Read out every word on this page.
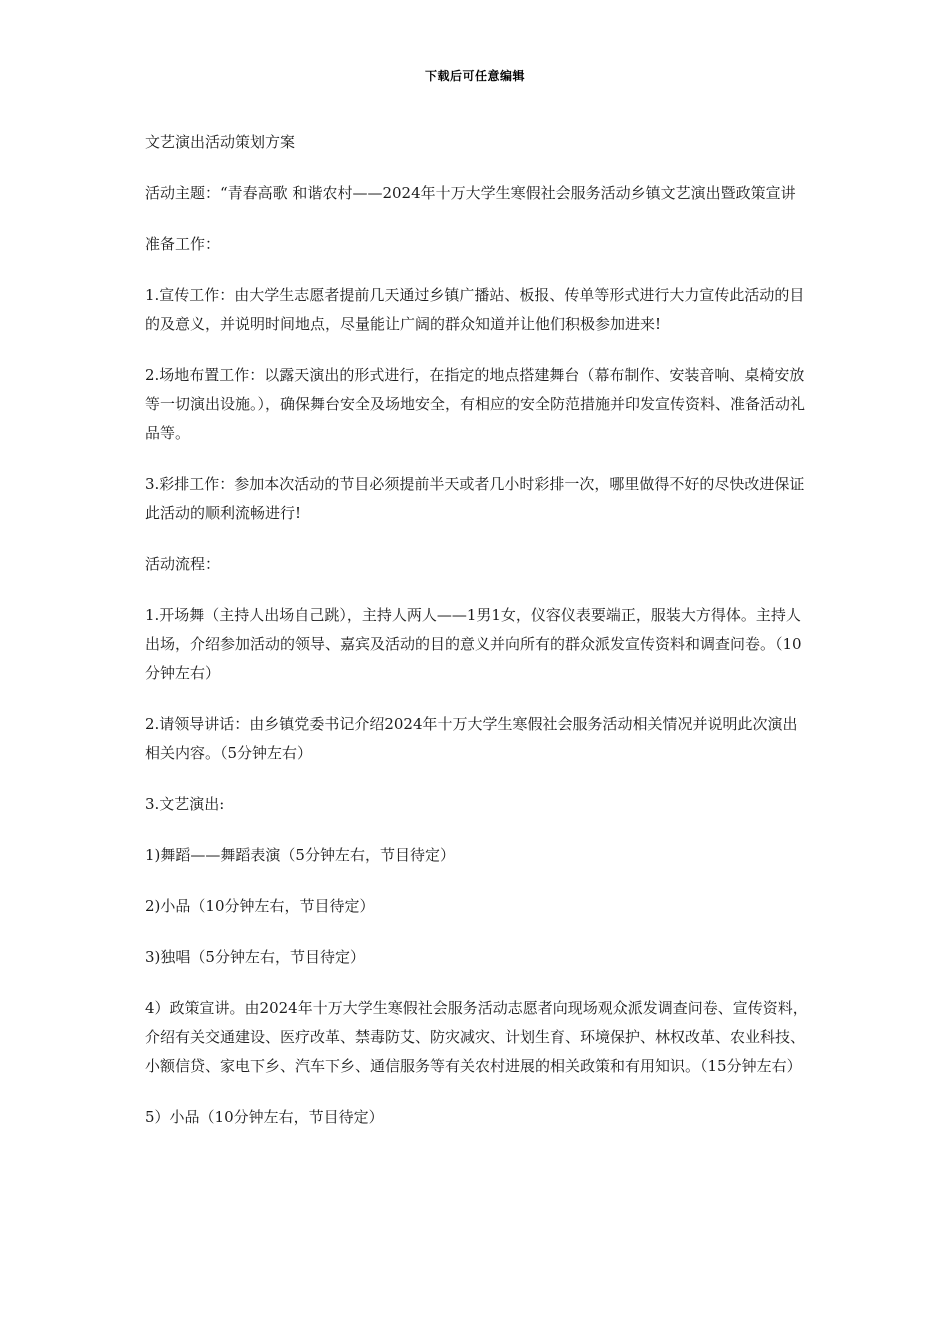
下载后可任意编辑

文艺演出活动策划方案

活动主题：“青春高歌 和谐农村——2024年十万大学生寒假社会服务活动乡镇文艺演出暨政策宣讲

准备工作：

1.宣传工作：由大学生志愿者提前几天通过乡镇广播站、板报、传单等形式进行大力宣传此活动的目的及意义，并说明时间地点，尽量能让广阔的群众知道并让他们积极参加进来!

2.场地布置工作：以露天演出的形式进行，在指定的地点搭建舞台（幕布制作、安装音响、桌椅安放等一切演出设施。），确保舞台安全及场地安全，有相应的安全防范措施并印发宣传资料、准备活动礼品等。

3.彩排工作：参加本次活动的节目必须提前半天或者几小时彩排一次，哪里做得不好的尽快改进保证此活动的顺利流畅进行!

活动流程：

1.开场舞（主持人出场自己跳），主持人两人——1男1女，仪容仪表要端正，服装大方得体。主持人出场，介绍参加活动的领导、嘉宾及活动的目的意义并向所有的群众派发宣传资料和调查问卷。（10分钟左右）

2.请领导讲话：由乡镇党委书记介绍2024年十万大学生寒假社会服务活动相关情况并说明此次演出相关内容。（5分钟左右）

3.文艺演出:

1)舞蹈——舞蹈表演（5分钟左右，节目待定）

2)小品（10分钟左右，节目待定）

3)独唱（5分钟左右，节目待定）

4）政策宣讲。由2024年十万大学生寒假社会服务活动志愿者向现场观众派发调查问卷、宣传资料，介绍有关交通建设、医疗改革、禁毒防艾、防灾减灾、计划生育、环境保护、林权改革、农业科技、小额信贷、家电下乡、汽车下乡、通信服务等有关农村进展的相关政策和有用知识。（15分钟左右）

5）小品（10分钟左右，节目待定）
